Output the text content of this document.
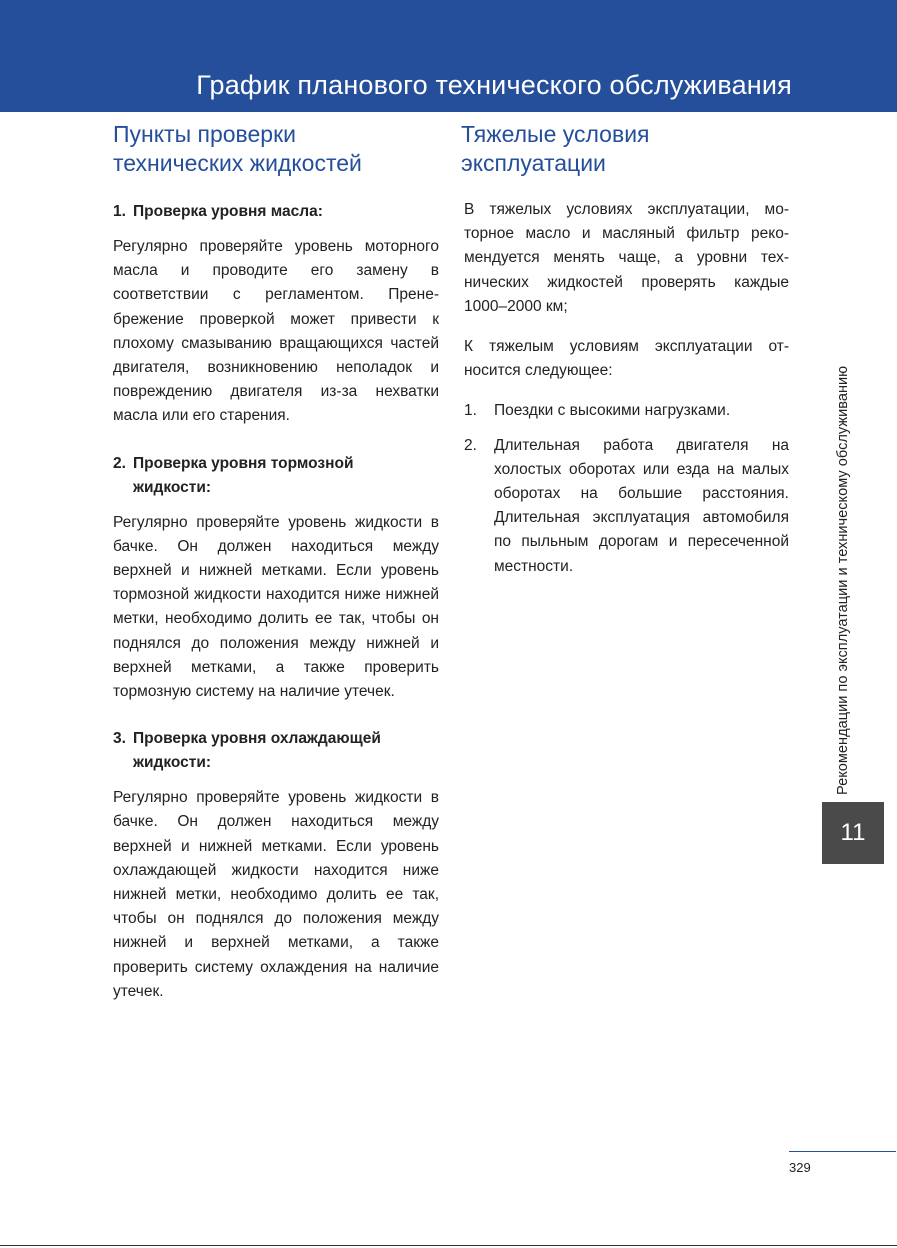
График планового технического обслуживания
Пункты проверки
технических жидкостей
1. Проверка уровня масла:

Регулярно проверяйте уровень моторного масла и проводите его замену в соответствии с регламентом. Пренебрежение проверкой может привести к плохому смазыванию вращающихся частей двигателя, возникновению неполадок и повреждению двигателя из-за нехватки масла или его старения.

2. Проверка уровня тормозной
жидкости:

Регулярно проверяйте уровень жидкости в бачке. Он должен находиться между верхней и нижней метками. Если уровень тормозной жидкости находится ниже нижней метки, необходимо долить ее так, чтобы он поднялся до положения между нижней и верхней метками, а также проверить тормозную систему на наличие утечек.

3. Проверка уровня охлаждающей
жидкости:

Регулярно проверяйте уровень жидкости в бачке. Он должен находиться между верхней и нижней метками. Если уровень охлаждающей жидкости находится ниже нижней метки, необходимо долить ее так, чтобы он поднялся до положения между нижней и верхней метками, а также проверить систему охлаждения на наличие утечек.

Тяжелые условия
эксплуатации

В тяжелых условиях эксплуатации, моторное масло и масляный фильтр рекомендуется менять чаще, а уровни технических жидкостей проверять каждые 1000–2000 км;

К тяжелым условиям эксплуатации относится следующее:

1. Поездки с высокими нагрузками.
2. Длительная работа двигателя на холостых оборотах или езда на малых оборотах на большие расстояния. Длительная эксплуатация автомобиля по пыльным дорогам и пересеченной местности.	Рекомендации по эксплуатации и техническому обслуживанию
11
329
